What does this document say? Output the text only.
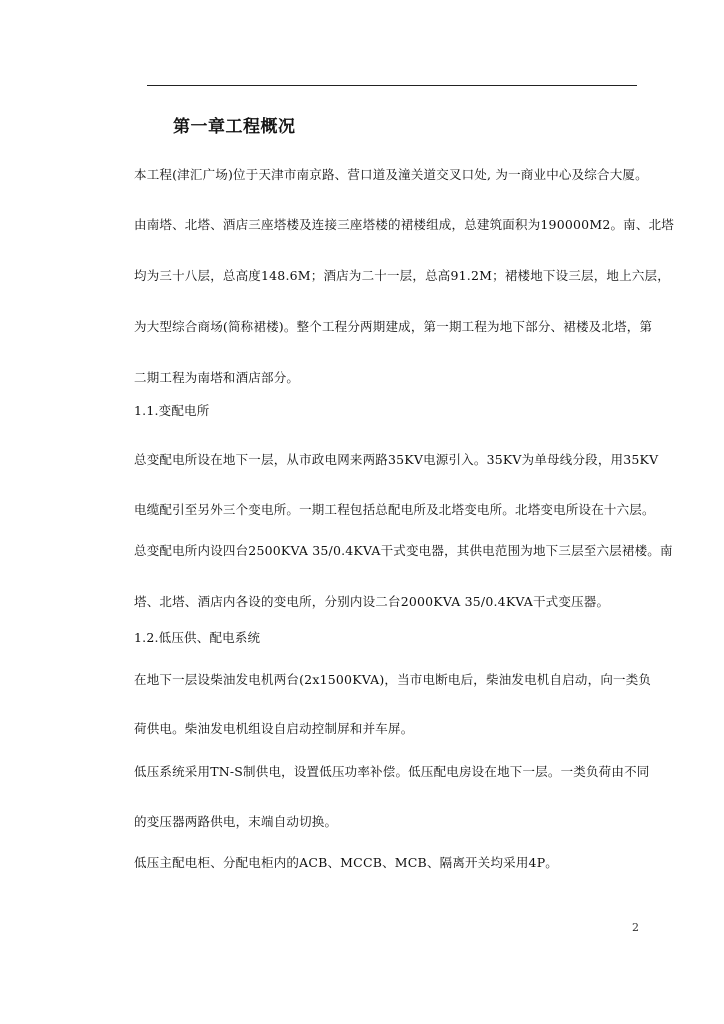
第一章工程概况
本工程(津汇广场)位于天津市南京路、营口道及潼关道交叉口处, 为一商业中心及综合大厦。
由南塔、北塔、酒店三座塔楼及连接三座塔楼的裙楼组成，总建筑面积为190000M2。南、北塔
均为三十八层，总高度148.6M；酒店为二十一层，总高91.2M；裙楼地下设三层，地上六层，
为大型综合商场(简称裙楼)。整个工程分两期建成，第一期工程为地下部分、裙楼及北塔，第
二期工程为南塔和酒店部分。
1.1.变配电所
总变配电所设在地下一层，从市政电网来两路35KV电源引入。35KV为单母线分段，用35KV
电缆配引至另外三个变电所。一期工程包括总配电所及北塔变电所。北塔变电所设在十六层。
总变配电所内设四台2500KVA 35/0.4KVA干式变电器，其供电范围为地下三层至六层裙楼。南
塔、北塔、酒店内各设的变电所，分别内设二台2000KVA 35/0.4KVA干式变压器。
1.2.低压供、配电系统
在地下一层设柴油发电机两台(2x1500KVA)，当市电断电后，柴油发电机自启动，向一类负
荷供电。柴油发电机组设自启动控制屏和并车屏。
低压系统采用TN-S制供电，设置低压功率补偿。低压配电房设在地下一层。一类负荷由不同
的变压器两路供电，末端自动切换。
低压主配电柜、分配电柜内的ACB、MCCB、MCB、隔离开关均采用4P。
2
